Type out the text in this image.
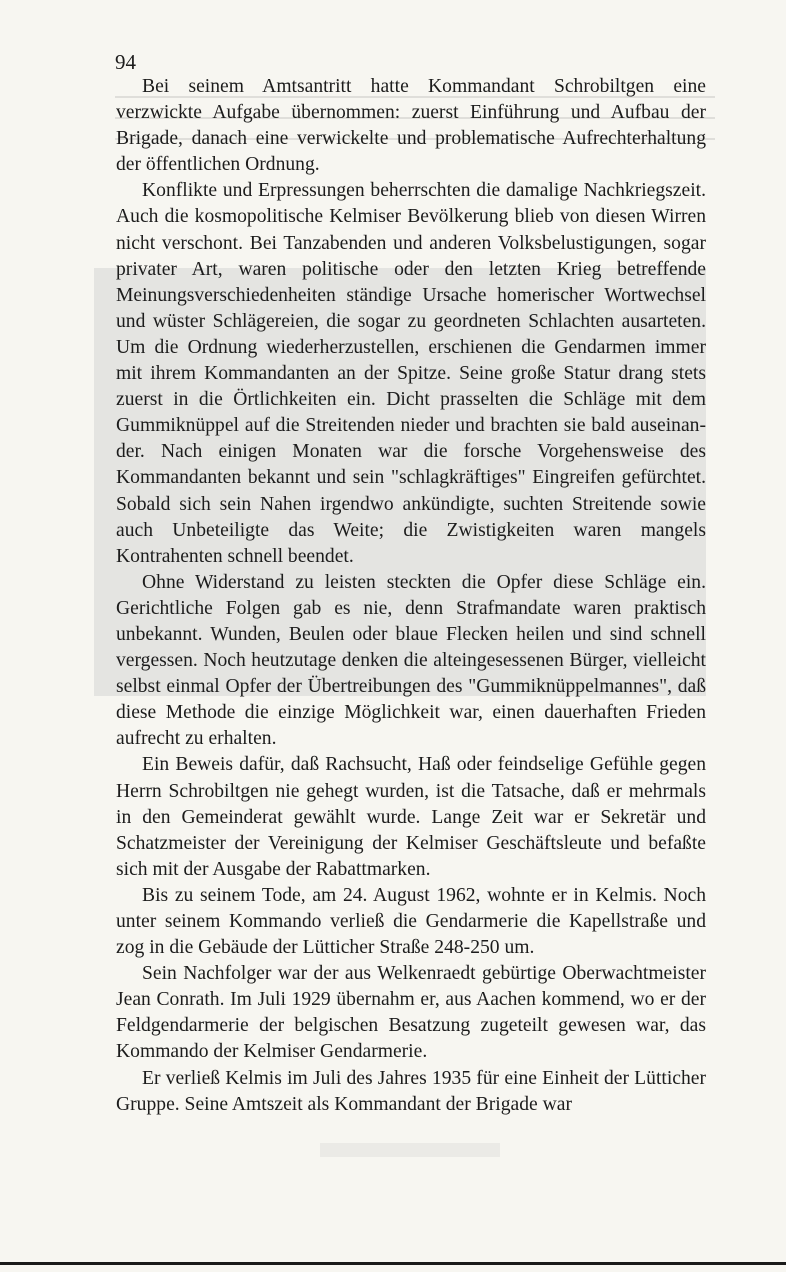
94

Bei seinem Amtsantritt hatte Kommandant Schrobiltgen eine verzwickte Aufgabe übernommen: zuerst Einführung und Aufbau der Brigade, danach eine verwickelte und problematische Aufrechterhaltung der öffentlichen Ordnung.

Konflikte und Erpressungen beherrschten die damalige Nachkriegszeit. Auch die kosmopolitische Kelmiser Bevölkerung blieb von diesen Wirren nicht verschont. Bei Tanzabenden und anderen Volksbelustigungen, sogar privater Art, waren politische oder den letzten Krieg betreffende Meinungsverschiedenheiten ständige Ursache homerischer Wortwechsel und wüster Schlägereien, die sogar zu geordneten Schlachten ausarteten. Um die Ordnung wiederherzustellen, erschienen die Gendarmen immer mit ihrem Kommandanten an der Spitze. Seine große Statur drang stets zuerst in die Örtlichkeiten ein. Dicht prasselten die Schläge mit dem Gummiknüppel auf die Streitenden nieder und brachten sie bald auseinander. Nach einigen Monaten war die forsche Vorgehensweise des Kommandanten bekannt und sein "schlagkräftiges" Eingreifen gefürchtet. Sobald sich sein Nahen irgendwo ankündigte, suchten Streitende sowie auch Unbeteiligte das Weite; die Zwistigkeiten waren mangels Kontrahenten schnell beendet.

Ohne Widerstand zu leisten steckten die Opfer diese Schläge ein. Gerichtliche Folgen gab es nie, denn Strafmandate waren praktisch unbekannt. Wunden, Beulen oder blaue Flecken heilen und sind schnell vergessen. Noch heutzutage denken die alteingesessenen Bürger, vielleicht selbst einmal Opfer der Übertreibungen des "Gummiknüppelmannes", daß diese Methode die einzige Möglichkeit war, einen dauerhaften Frieden aufrecht zu erhalten.

Ein Beweis dafür, daß Rachsucht, Haß oder feindselige Gefühle gegen Herrn Schrobiltgen nie gehegt wurden, ist die Tatsache, daß er mehrmals in den Gemeinderat gewählt wurde. Lange Zeit war er Sekretär und Schatzmeister der Vereinigung der Kelmiser Geschäftsleute und befaßte sich mit der Ausgabe der Rabattmarken.

Bis zu seinem Tode, am 24. August 1962, wohnte er in Kelmis. Noch unter seinem Kommando verließ die Gendarmerie die Kapellstraße und zog in die Gebäude der Lütticher Straße 248-250 um.

Sein Nachfolger war der aus Welkenraedt gebürtige Oberwachtmeister Jean Conrath. Im Juli 1929 übernahm er, aus Aachen kommend, wo er der Feldgendarmerie der belgischen Besatzung zugeteilt gewesen war, das Kommando der Kelmiser Gendarmerie.

Er verließ Kelmis im Juli des Jahres 1935 für eine Einheit der Lütticher Gruppe. Seine Amtszeit als Kommandant der Brigade war
